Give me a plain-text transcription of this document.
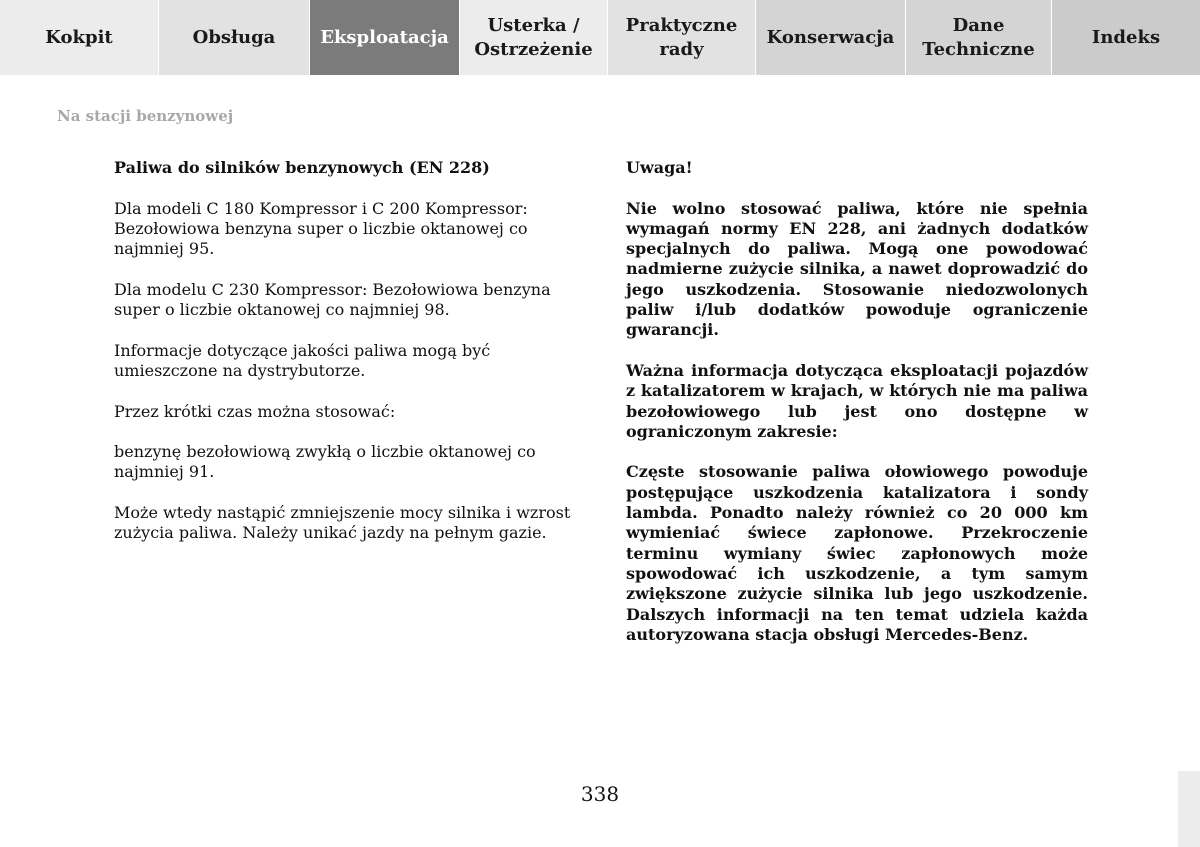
Kokpit	Obsługa Eksploatacja
Usterka /
Ostrzeżenie
Praktyczne
rady
Konserwacja
Dane
Techniczne
Indeks
Na stacji benzynowej

Paliwa do silników benzynowych (EN 228)

Dla modeli C 180 Kompressor i C 200 Kompressor: Bezołowiowa benzyna super o liczbie oktanowej co najmniej 95.

Dla modelu C 230 Kompressor: Bezołowiowa benzyna super o liczbie oktanowej co najmniej 98.

Informacje dotyczące jakości paliwa mogą być umieszczone na dystrybutorze.

Przez krótki czas można stosować:

benzynę bezołowiową zwykłą o liczbie oktanowej co najmniej 91.

Może wtedy nastąpić zmniejszenie mocy silnika i wzrost zużycia paliwa. Należy unikać jazdy na pełnym gazie.

Uwaga!

Nie wolno stosować paliwa, które nie spełnia wymagań normy EN 228, ani żadnych dodatków specjalnych do paliwa. Mogą one powodować nadmierne zużycie silnika, a nawet doprowadzić do jego uszkodzenia. Stosowanie niedozwolonych paliw i/lub dodatków powoduje ograniczenie gwarancji.

Ważna informacja dotycząca eksploatacji pojazdów z katalizatorem w krajach, w których nie ma paliwa bezołowiowego lub jest ono dostępne w ograniczonym zakresie:

Częste stosowanie paliwa ołowiowego powoduje postępujące uszkodzenia katalizatora i sondy lambda. Ponadto należy również co 20 000 km wymieniać świece zapłonowe. Przekroczenie terminu wymiany świec zapłonowych może spowodować ich uszkodzenie, a tym samym zwiększone zużycie silnika lub jego uszkodzenie. Dalszych informacji na ten temat udziela każda autoryzowana stacja obsługi Mercedes-Benz.

338
